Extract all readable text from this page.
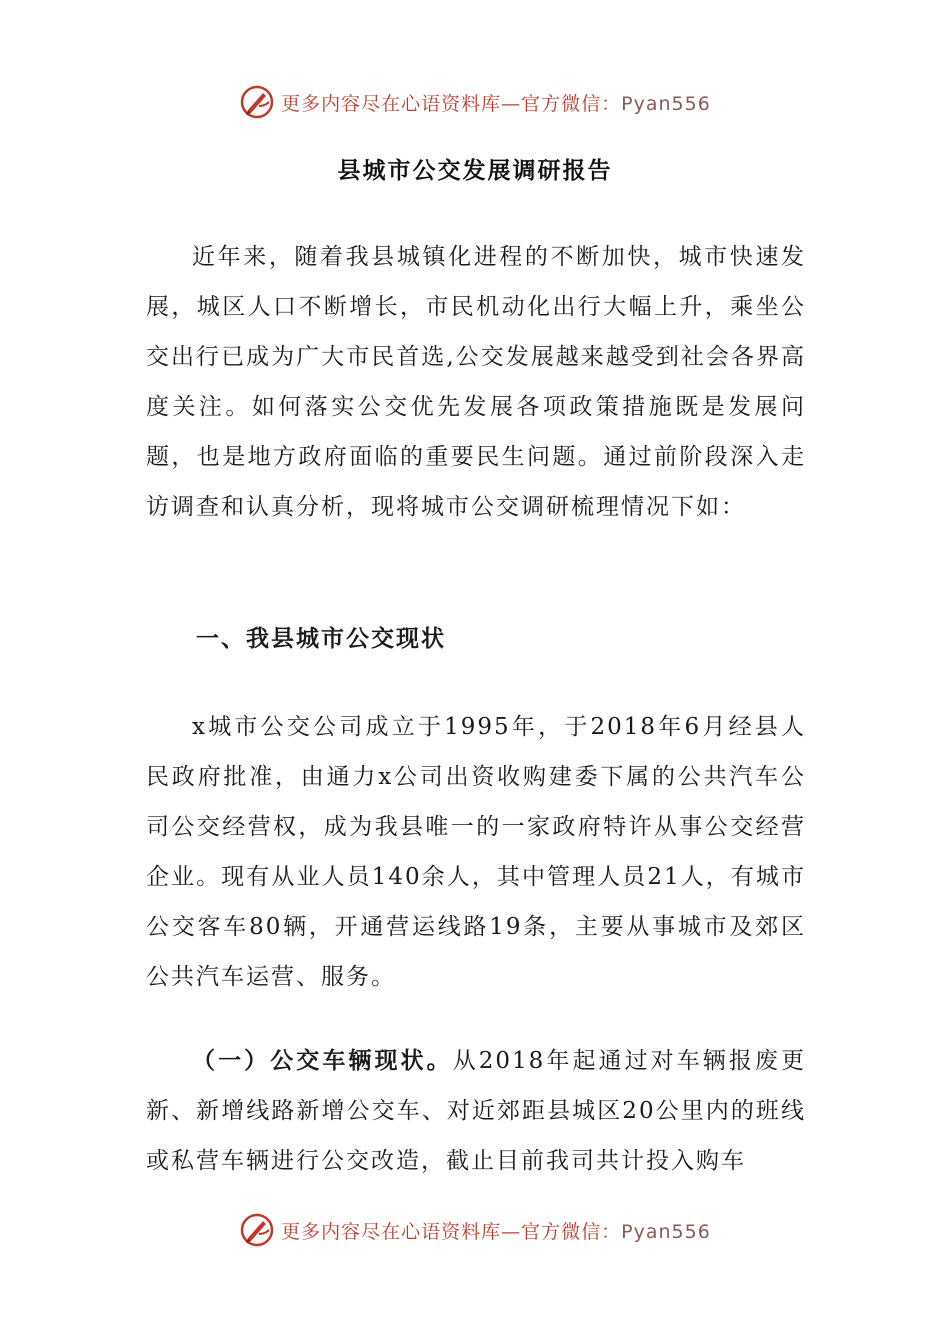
更多内容尽在心语资料库—官方微信：Pyan556
县城市公交发展调研报告

近年来，随着我县城镇化进程的不断加快，城市快速发展，城区人口不断增长，市民机动化出行大幅上升，乘坐公交出行已成为广大市民首选,公交发展越来越受到社会各界高度关注。如何落实公交优先发展各项政策措施既是发展问题，也是地方政府面临的重要民生问题。通过前阶段深入走访调查和认真分析，现将城市公交调研梳理情况下如：

一、我县城市公交现状

x城市公交公司成立于1995年，于2018年6月经县人民政府批准，由通力x公司出资收购建委下属的公共汽车公司公交经营权，成为我县唯一的一家政府特许从事公交经营企业。现有从业人员140余人，其中管理人员21人，有城市公交客车80辆，开通营运线路19条，主要从事城市及郊区公共汽车运营、服务。

（一）公交车辆现状。从2018年起通过对车辆报废更新、新增线路新增公交车、对近郊距县城区20公里内的班线或私营车辆进行公交改造，截止目前我司共计投入购车

更多内容尽在心语资料库—官方微信：Pyan556
